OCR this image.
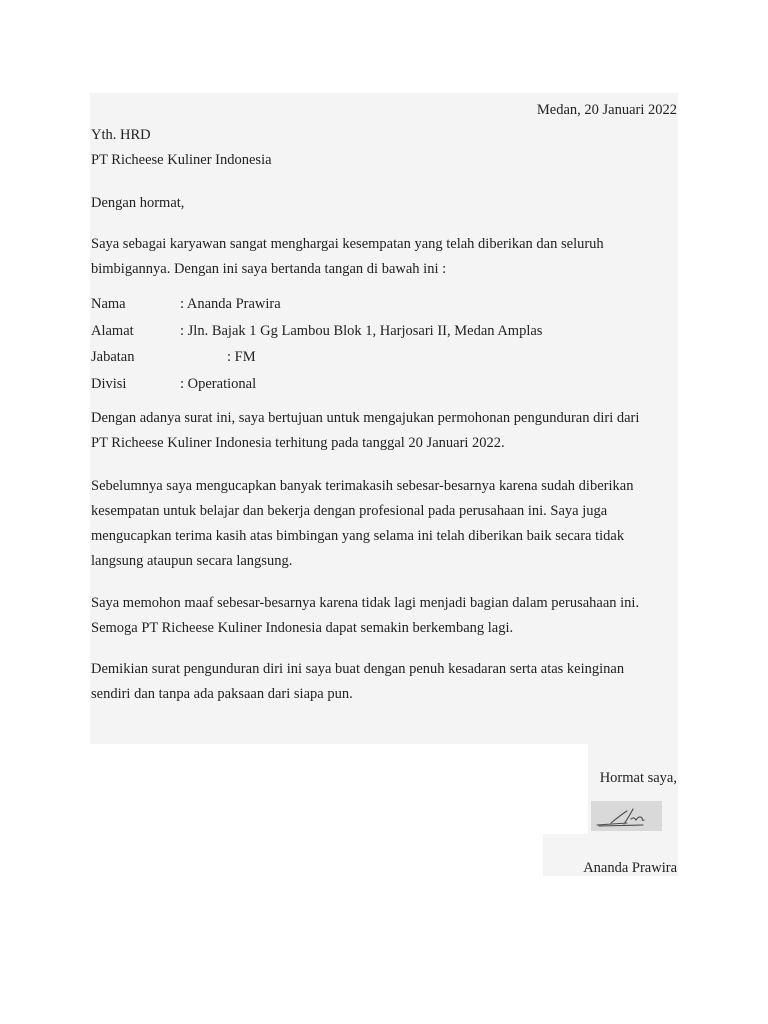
Medan, 20 Januari 2022
Yth. HRD
PT Richeese Kuliner Indonesia
Dengan hormat,
Saya sebagai karyawan sangat menghargai kesempatan yang telah diberikan dan seluruh
bimbigannya. Dengan ini saya bertanda tangan di bawah ini :
Nama	: Ananda Prawira
Alamat	: Jln. Bajak 1 Gg Lambou Blok 1, Harjosari II, Medan Amplas
Jabatan	: FM
Divisi	: Operational
Dengan adanya surat ini, saya bertujuan untuk mengajukan permohonan pengunduran diri dari
PT Richeese Kuliner Indonesia terhitung pada tanggal 20 Januari 2022.
Sebelumnya saya mengucapkan banyak terimakasih sebesar-besarnya karena sudah diberikan
kesempatan untuk belajar dan bekerja dengan profesional pada perusahaan ini. Saya juga
mengucapkan terima kasih atas bimbingan yang selama ini telah diberikan baik secara tidak
langsung ataupun secara langsung.
Saya memohon maaf sebesar-besarnya karena tidak lagi menjadi bagian dalam perusahaan ini.
Semoga PT Richeese Kuliner Indonesia dapat semakin berkembang lagi.
Demikian surat pengunduran diri ini saya buat dengan penuh kesadaran serta atas keinginan
sendiri dan tanpa ada paksaan dari siapa pun.
Hormat saya,
Ananda Prawira
